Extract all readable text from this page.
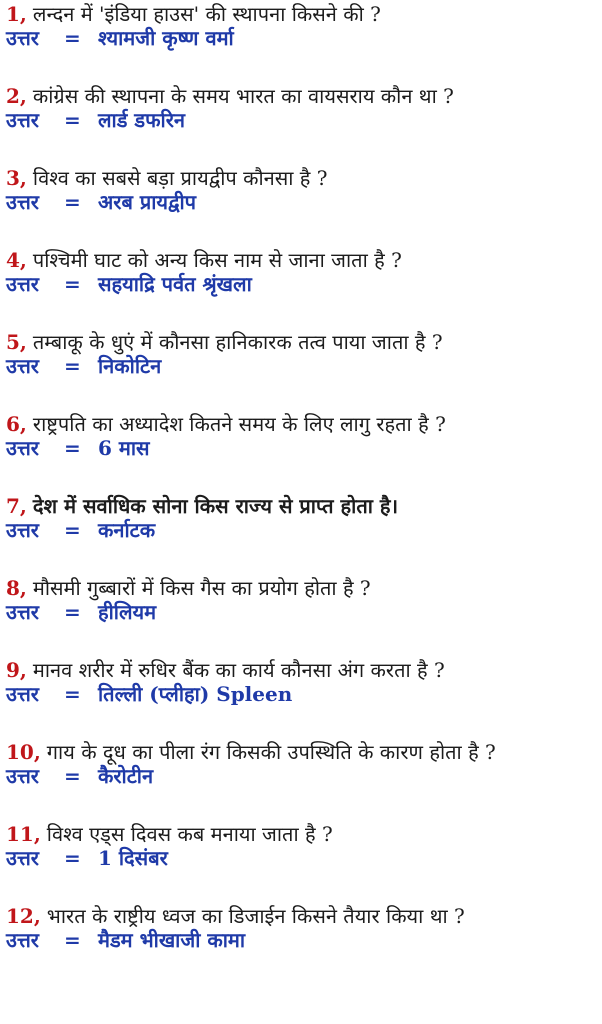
1, लन्दन में 'इंडिया हाउस' की स्थापना किसने की ?
उत्तर = श्यामजी कृष्ण वर्मा
2, कांग्रेस की स्थापना के समय भारत का वायसराय कौन था ?
उत्तर = लार्ड डफरिन
3, विश्व का सबसे बड़ा प्रायद्वीप कौनसा है ?
उत्तर = अरब प्रायद्वीप
4, पश्चिमी घाट को अन्य किस नाम से जाना जाता है ?
उत्तर = सहयाद्रि पर्वत श्रृंखला
5, तम्बाकू के धुएं में कौनसा हानिकारक तत्व पाया जाता है ?
उत्तर = निकोटिन
6, राष्ट्रपति का अध्यादेश कितने समय के लिए लागु रहता है ?
उत्तर = 6 मास
7, देश में सर्वाधिक सोना किस राज्य से प्राप्त होता है।
उत्तर = कर्नाटक
8, मौसमी गुब्बारों में किस गैस का प्रयोग होता है ?
उत्तर = हीलियम
9, मानव शरीर में रुधिर बैंक का कार्य कौनसा अंग करता है ?
उत्तर = तिल्ली (प्लीहा) Spleen
10, गाय के दूध का पीला रंग किसकी उपस्थिति के कारण होता है ?
उत्तर = कैरोटीन
11, विश्व एड्स दिवस कब मनाया जाता है ?
उत्तर = 1 दिसंबर
12, भारत के राष्ट्रीय ध्वज का डिजाईन किसने तैयार किया था ?
उत्तर = मैडम भीखाजी कामा
